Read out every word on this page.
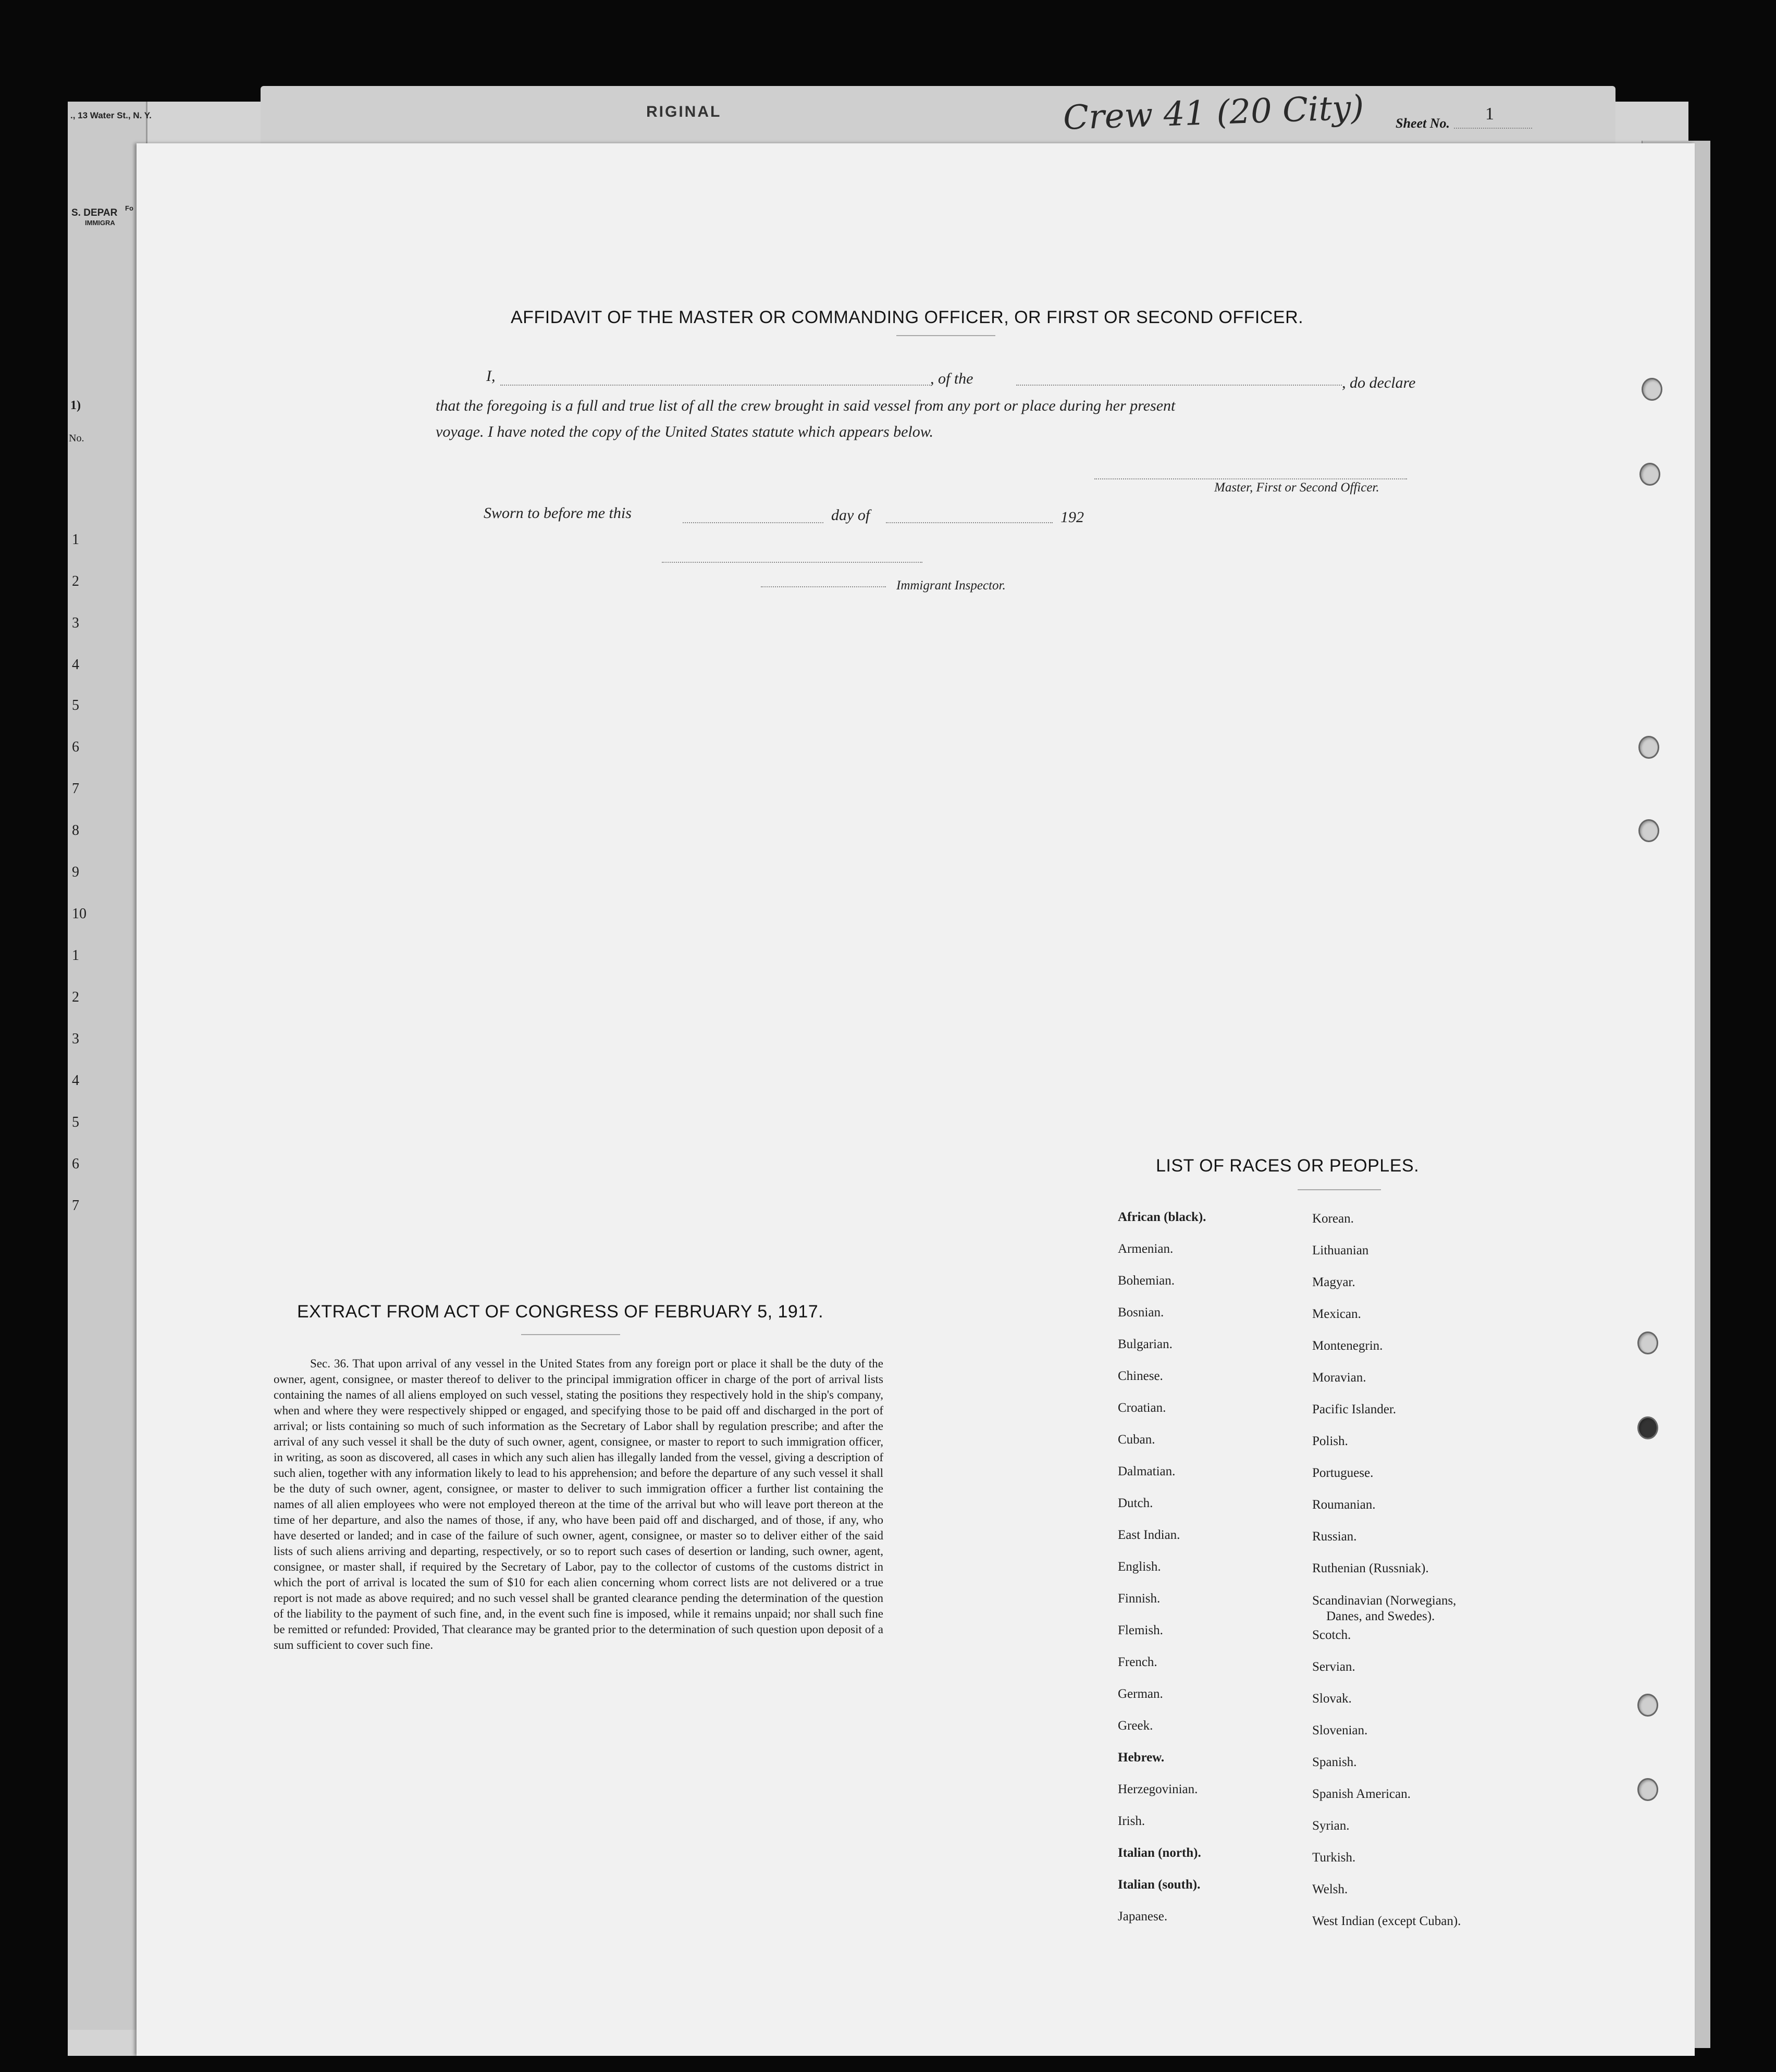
., 13 Water St., N. Y.
Fo
S. DEPAR
IMMIGRA
RIGINAL	Crew 41 (20 City) Sheet No. 1
1)
No.
1
2
3
4
5
6
7
8
9
10
1
2
3
4
5
6
7
AFFIDAVIT OF THE MASTER OR COMMANDING OFFICER, OR FIRST OR SECOND OFFICER.
I,	, of the	, do declare
that the foregoing is a full and true list of all the crew brought in said vessel from any port or place during her present
voyage. I have noted the copy of the United States statute which appears below.
Master, First or Second Officer.
Sworn to before me this	day of	192
Immigrant Inspector.
EXTRACT FROM ACT OF CONGRESS OF FEBRUARY 5, 1917.
Sec. 36. That upon arrival of any vessel in the United States from any foreign port or place it shall be the duty of the owner, agent, consignee, or master thereof to deliver to the principal immigration officer in charge of the port of arrival lists containing the names of all aliens employed on such vessel, stating the positions they respectively hold in the ship's company, when and where they were respectively shipped or engaged, and specifying those to be paid off and discharged in the port of arrival; or lists containing so much of such information as the Secretary of Labor shall by regulation prescribe; and after the arrival of any such vessel it shall be the duty of such owner, agent, consignee, or master to report to such immigration officer, in writing, as soon as discovered, all cases in which any such alien has illegally landed from the vessel, giving a description of such alien, together with any information likely to lead to his apprehension; and before the departure of any such vessel it shall be the duty of such owner, agent, consignee, or master to deliver to such immigration officer a further list containing the names of all alien employees who were not employed thereon at the time of the arrival but who will leave port thereon at the time of her departure, and also the names of those, if any, who have been paid off and discharged, and of those, if any, who have deserted or landed; and in case of the failure of such owner, agent, consignee, or master so to deliver either of the said lists of such aliens arriving and departing, respectively, or so to report such cases of desertion or landing, such owner, agent, consignee, or master shall, if required by the Secretary of Labor, pay to the collector of customs of the customs district in which the port of arrival is located the sum of $10 for each alien concerning whom correct lists are not delivered or a true report is not made as above required; and no such vessel shall be granted clearance pending the determination of the question of the liability to the payment of such fine, and, in the event such fine is imposed, while it remains unpaid; nor shall such fine be remitted or refunded: Provided, That clearance may be granted prior to the determination of such question upon deposit of a sum sufficient to cover such fine.
LIST OF RACES OR PEOPLES.
African (black).
Armenian.
Bohemian.
Bosnian.
Bulgarian.
Chinese.
Croatian.
Cuban.
Dalmatian.
Dutch.
East Indian.
English.
Finnish.
Flemish.
French.
German.
Greek.
Hebrew.
Herzegovinian.
Irish.
Italian (north).
Italian (south).
Japanese.
Korean.
Lithuanian
Magyar.
Mexican.
Montenegrin.
Moravian.
Pacific Islander.
Polish.
Portuguese.
Roumanian.
Russian.
Ruthenian (Russniak).
Scandinavian (Norwegians,
Danes, and Swedes).
Scotch.
Servian.
Slovak.
Slovenian.
Spanish.
Spanish American.
Syrian.
Turkish.
Welsh.
West Indian (except Cuban).
